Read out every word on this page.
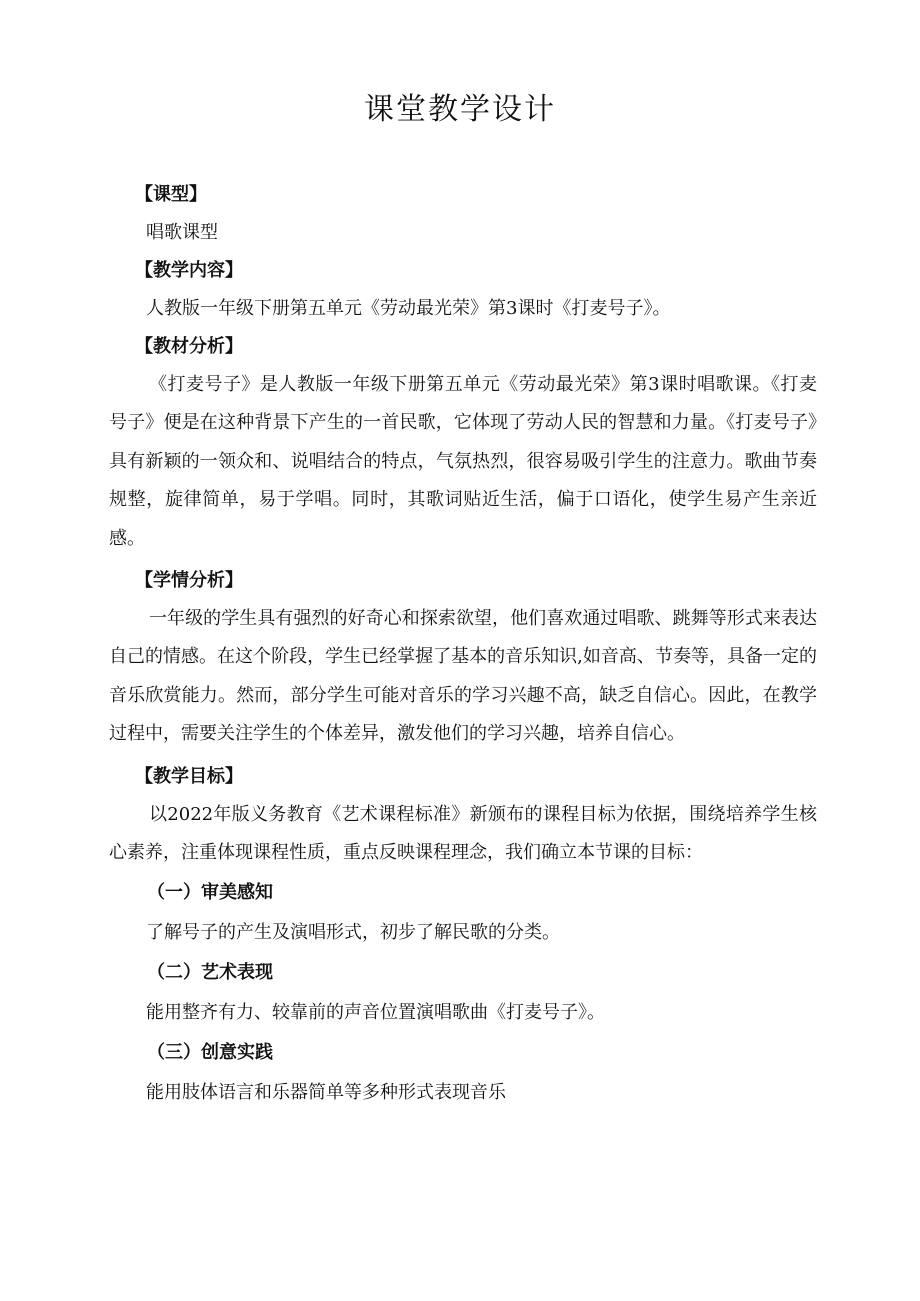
课堂教学设计

【课型】

唱歌课型

【教学内容】

人教版一年级下册第五单元《劳动最光荣》第3课时《打麦号子》。

【教材分析】

《打麦号子》是人教版一年级下册第五单元《劳动最光荣》第3课时唱歌课。《打麦号子》便是在这种背景下产生的一首民歌，它体现了劳动人民的智慧和力量。《打麦号子》具有新颖的一领众和、说唱结合的特点，气氛热烈，很容易吸引学生的注意力。歌曲节奏规整，旋律简单，易于学唱。同时，其歌词贴近生活，偏于口语化，使学生易产生亲近感。

【学情分析】

一年级的学生具有强烈的好奇心和探索欲望，他们喜欢通过唱歌、跳舞等形式来表达自己的情感。在这个阶段，学生已经掌握了基本的音乐知识,如音高、节奏等，具备一定的音乐欣赏能力。然而，部分学生可能对音乐的学习兴趣不高，缺乏自信心。因此，在教学过程中，需要关注学生的个体差异，激发他们的学习兴趣，培养自信心。

【教学目标】

以2022年版义务教育《艺术课程标准》新颁布的课程目标为依据，围绕培养学生核心素养，注重体现课程性质，重点反映课程理念，我们确立本节课的目标：

（一）审美感知

了解号子的产生及演唱形式，初步了解民歌的分类。

（二）艺术表现

能用整齐有力、较靠前的声音位置演唱歌曲《打麦号子》。

（三）创意实践

能用肢体语言和乐器简单等多种形式表现音乐
